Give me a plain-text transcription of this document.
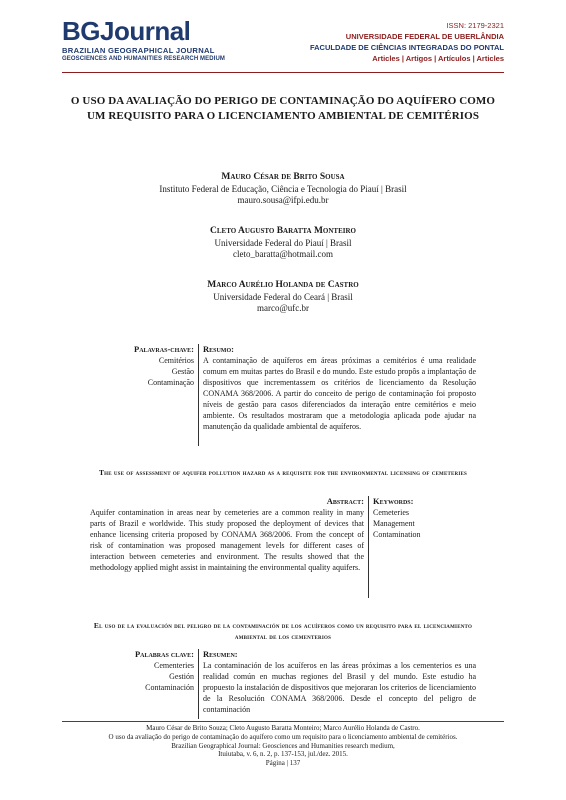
BGJournal
BRAZILIAN GEOGRAPHICAL JOURNAL
GEOSCIENCES AND HUMANITIES RESEARCH MEDIUM
ISSN: 2179-2321
UNIVERSIDADE FEDERAL DE UBERLÂNDIA
FACULDADE DE CIÊNCIAS INTEGRADAS DO PONTAL
Articles | Artigos | Artículos | Articles
O USO DA AVALIAÇÃO DO PERIGO DE CONTAMINAÇÃO DO AQUÍFERO COMO UM REQUISITO PARA O LICENCIAMENTO AMBIENTAL DE CEMITÉRIOS
Mauro César de Brito Sousa
Instituto Federal de Educação, Ciência e Tecnologia do Piauí | Brasil
mauro.sousa@ifpi.edu.br
Cleto Augusto Baratta Monteiro
Universidade Federal do Piauí | Brasil
cleto_baratta@hotmail.com
Marco Aurélio Holanda de Castro
Universidade Federal do Ceará | Brasil
marco@ufc.br
Palavras-chave:
Cemitérios
Gestão
Contaminação
Resumo:
A contaminação de aquíferos em áreas próximas a cemitérios é uma realidade comum em muitas partes do Brasil e do mundo. Este estudo propôs a implantação de dispositivos que incrementassem os critérios de licenciamento da Resolução CONAMA 368/2006. A partir do conceito de perigo de contaminação foi proposto níveis de gestão para casos diferenciados da interação entre cemitérios e meio ambiente. Os resultados mostraram que a metodologia aplicada pode ajudar na manutenção da qualidade ambiental de aquíferos.
The use of assessment of aquifer pollution hazard as a requisite for the environmental licensing of cemeteries
Abstract:
Aquifer contamination in areas near by cemeteries are a common reality in many parts of Brazil e worldwide. This study proposed the deployment of devices that enhance licensing criteria proposed by CONAMA 368/2006. From the concept of risk of contamination was proposed management levels for different cases of interaction between cemeteries and environment. The results showed that the methodology applied might assist in maintaining the environmental quality aquifers.
Keywords:
Cemeteries
Management
Contamination
El uso de la evaluación del peligro de la contaminación de los acuíferos como un requisito para el licenciamiento ambiental de los cementerios
Palabras clave:
Cementeries
Gestión
Contaminación
Resumen:
La contaminación de los acuíferos en las áreas próximas a los cementerios es una realidad común en muchas regiones del Brasil y del mundo. Este estudio ha propuesto la instalación de dispositivos que mejoraran los criterios de licenciamiento de la Resolución CONAMA 368/2006. Desde el concepto del peligro de contaminación
Mauro César de Brito Souza; Cleto Augusto Baratta Monteiro; Marco Aurélio Holanda de Castro.
O uso da avaliação do perigo de contaminação do aquífero como um requisito para o licenciamento ambiental de cemitérios.
Brazilian Geographical Journal: Geosciences and Humanities research medium,
Ituiutaba, v. 6, n. 2, p. 137-153, jul./dez. 2015.
Página | 137
